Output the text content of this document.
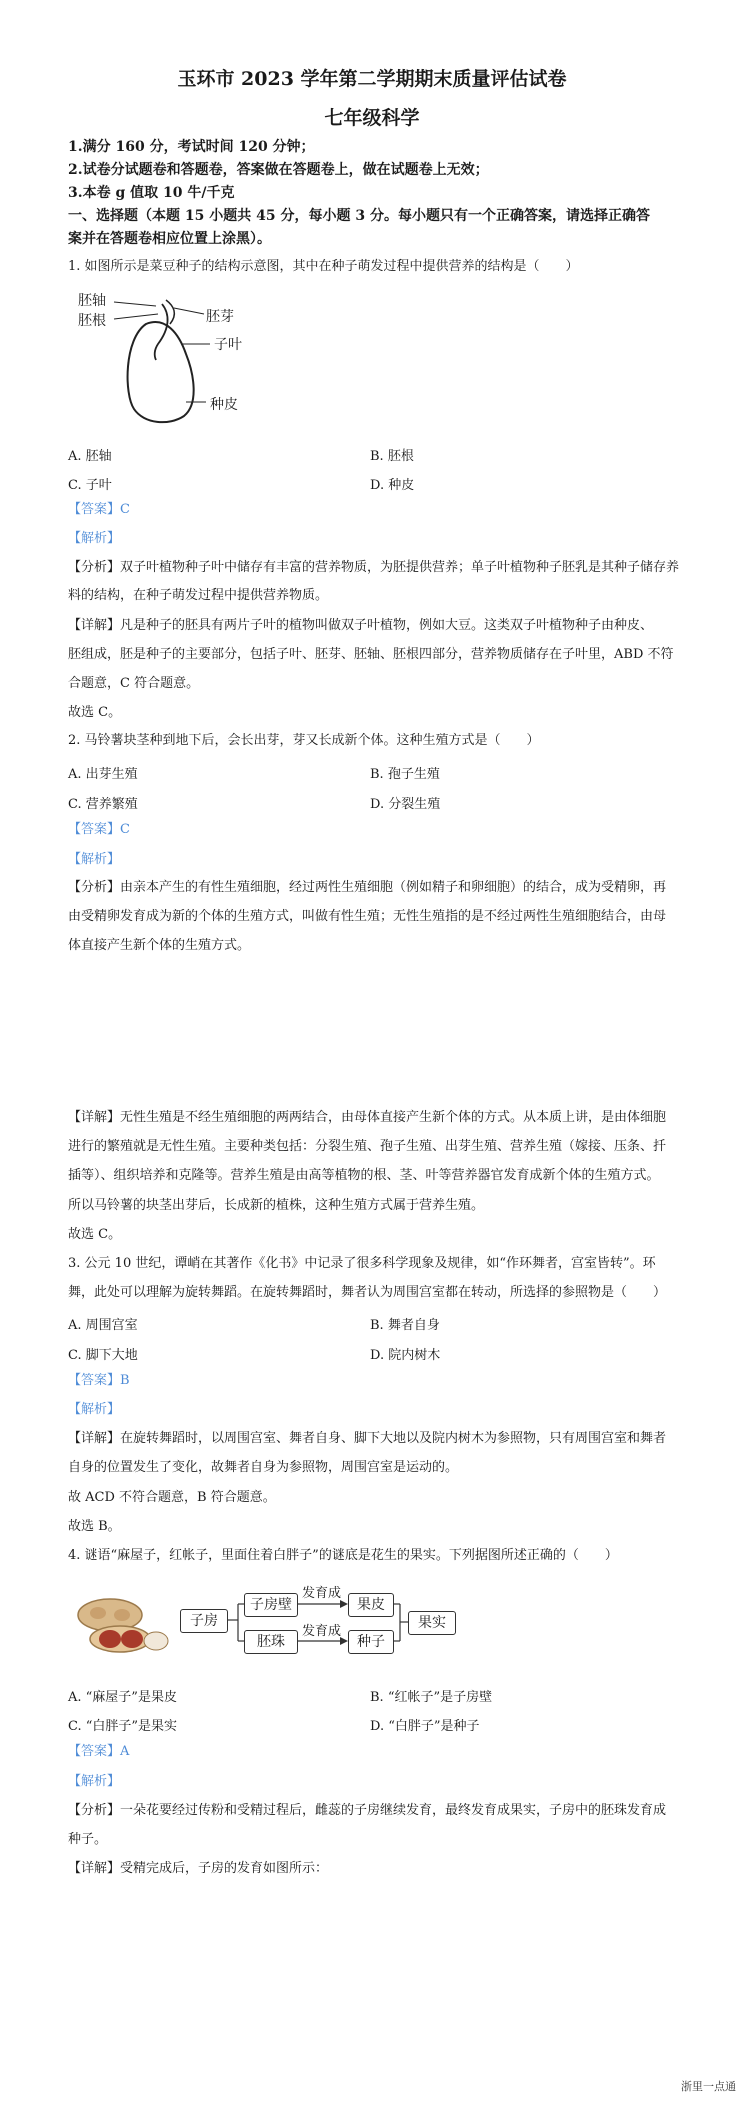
玉环市 2023 学年第二学期期末质量评估试卷
七年级科学
1.满分 160 分，考试时间 120 分钟；
2.试卷分试题卷和答题卷，答案做在答题卷上，做在试题卷上无效；
3.本卷 g 值取 10 牛/千克
一、选择题（本题 15 小题共 45 分，每小题 3 分。每小题只有一个正确答案，请选择正确答
案并在答题卷相应位置上涂黑）。
1. 如图所示是菜豆种子的结构示意图，其中在种子萌发过程中提供营养的结构是（　　）
胚轴
胚根	胚芽
子叶
种皮
A. 胚轴	B. 胚根
C. 子叶	D. 种皮
【答案】C
【解析】
【分析】双子叶植物种子叶中储存有丰富的营养物质，为胚提供营养；单子叶植物种子胚乳是其种子储存养
料的结构，在种子萌发过程中提供营养物质。
【详解】凡是种子的胚具有两片子叶的植物叫做双子叶植物，例如大豆。这类双子叶植物种子由种皮、
胚组成，胚是种子的主要部分，包括子叶、胚芽、胚轴、胚根四部分，营养物质储存在子叶里，ABD 不符
合题意，C 符合题意。
故选 C。
2. 马铃薯块茎种到地下后，会长出芽，芽又长成新个体。这种生殖方式是（　　）
A. 出芽生殖	B. 孢子生殖
C. 营养繁殖	D. 分裂生殖
【答案】C
【解析】
【分析】由亲本产生的有性生殖细胞，经过两性生殖细胞（例如精子和卵细胞）的结合，成为受精卵，再
由受精卵发育成为新的个体的生殖方式，叫做有性生殖；无性生殖指的是不经过两性生殖细胞结合，由母
体直接产生新个体的生殖方式。
【详解】无性生殖是不经生殖细胞的两两结合，由母体直接产生新个体的方式。从本质上讲，是由体细胞
进行的繁殖就是无性生殖。主要种类包括：分裂生殖、孢子生殖、出芽生殖、营养生殖（嫁接、压条、扦
插等）、组织培养和克隆等。营养生殖是由高等植物的根、茎、叶等营养器官发育成新个体的生殖方式。
所以马铃薯的块茎出芽后，长成新的植株，这种生殖方式属于营养生殖。
故选 C。
3. 公元 10 世纪，谭峭在其著作《化书》中记录了很多科学现象及规律，如“作环舞者，宫室皆转”。环
舞，此处可以理解为旋转舞蹈。在旋转舞蹈时，舞者认为周围宫室都在转动，所选择的参照物是（　　）
A. 周围宫室	B. 舞者自身
C. 脚下大地	D. 院内树木
【答案】B
【解析】
【详解】在旋转舞蹈时，以周围宫室、舞者自身、脚下大地以及院内树木为参照物，只有周围宫室和舞者
自身的位置发生了变化，故舞者自身为参照物，周围宫室是运动的。
故 ACD 不符合题意，B 符合题意。
故选 B。
4. 谜语“麻屋子，红帐子，里面住着白胖子”的谜底是花生的果实。下列据图所述正确的（　　）
子房
子房壁
胚珠
发育成
发育成
果皮
种子
果实
A. “麻屋子”是果皮	B. “红帐子”是子房壁
C. “白胖子”是果实	D. “白胖子”是种子
【答案】A
【解析】
【分析】一朵花要经过传粉和受精过程后，雌蕊的子房继续发育，最终发育成果实，子房中的胚珠发育成
种子。
【详解】受精完成后，子房的发育如图所示：
浙里一点通
